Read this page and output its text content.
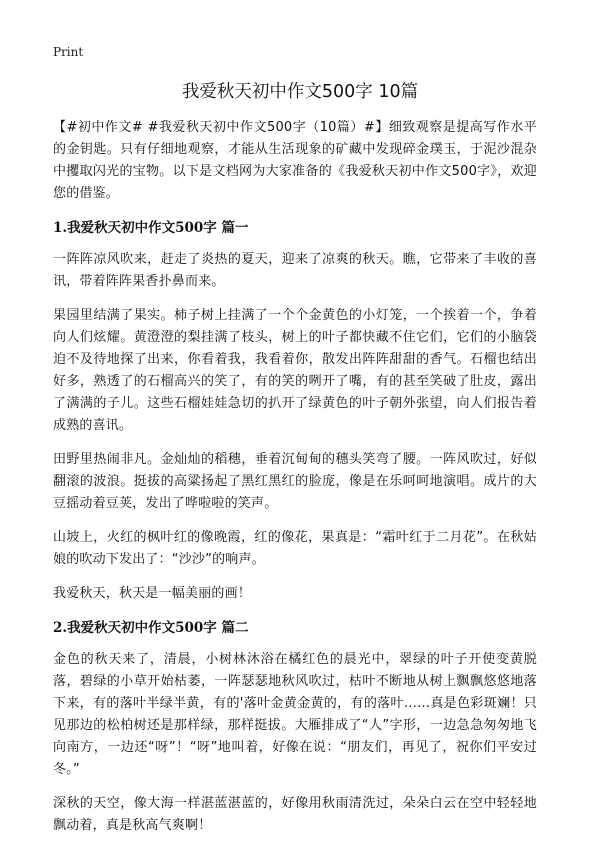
Print
我爱秋天初中作文500字 10篇

【#初中作文# #我爱秋天初中作文500字（10篇）#】细致观察是提高写作水平的金钥匙。只有仔细地观察，才能从生活现象的矿藏中发现碎金璞玉，于泥沙混杂中攫取闪光的宝物。以下是文档网为大家准备的《我爱秋天初中作文500字》，欢迎您的借鉴。

1.我爱秋天初中作文500字 篇一

一阵阵凉风吹来，赶走了炎热的夏天，迎来了凉爽的秋天。瞧，它带来了丰收的喜讯，带着阵阵果香扑鼻而来。

果园里结满了果实。柿子树上挂满了一个个金黄色的小灯笼，一个挨着一个，争着向人们炫耀。黄澄澄的梨挂满了枝头，树上的叶子都快藏不住它们，它们的小脑袋迫不及待地探了出来，你看着我，我看着你，散发出阵阵甜甜的香气。石榴也结出好多，熟透了的石榴高兴的笑了，有的笑的咧开了嘴，有的甚至笑破了肚皮，露出了满满的子儿。这些石榴娃娃急切的扒开了绿黄色的叶子朝外张望，向人们报告着成熟的喜讯。

田野里热闹非凡。金灿灿的稻穗，垂着沉甸甸的穗头笑弯了腰。一阵风吹过，好似翻滚的波浪。挺拔的高粱扬起了黑红黑红的脸庞，像是在乐呵呵地演唱。成片的大豆摇动着豆荚，发出了哗啦啦的笑声。

山坡上，火红的枫叶红的像晚霞，红的像花，果真是：“霜叶红于二月花”。在秋姑娘的吹动下发出了：“沙沙”的响声。

我爱秋天，秋天是一幅美丽的画！

2.我爱秋天初中作文500字 篇二

金色的秋天来了，清晨，小树林沐浴在橘红色的晨光中，翠绿的叶子开使变黄脱落，碧绿的小草开始枯萎，一阵瑟瑟地秋风吹过，枯叶不断地从树上飘飘悠悠地落下来，有的落叶半绿半黄，有的'落叶金黄金黄的，有的落叶……真是色彩斑斓！只见那边的松柏树还是那样绿，那样挺拔。大雁排成了“人”字形，一边急急匆匆地飞向南方，一边还“呀”！“呀”地叫着，好像在说：“朋友们，再见了，祝你们平安过冬。”

深秋的天空，像大海一样湛蓝湛蓝的，好像用秋雨清洗过，朵朵白云在空中轻轻地飘动着，真是秋高气爽啊！
